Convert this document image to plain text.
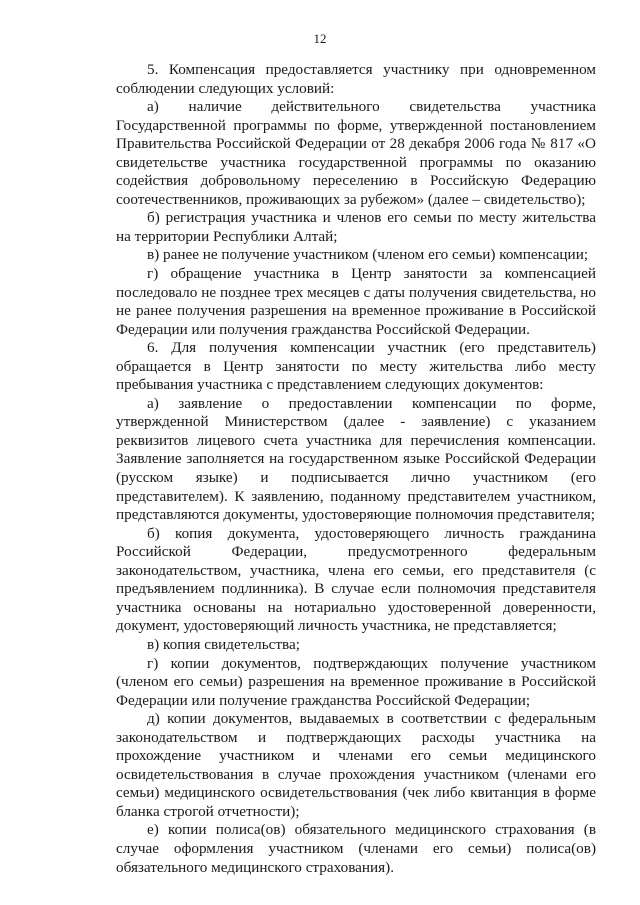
12

5. Компенсация предоставляется участнику при одновременном соблюдении следующих условий:

а) наличие действительного свидетельства участника Государственной программы по форме, утвержденной постановлением Правительства Российской Федерации от 28 декабря 2006 года № 817 «О свидетельстве участника государственной программы по оказанию содействия добровольному переселению в Российскую Федерацию соотечественников, проживающих за рубежом» (далее – свидетельство);

б) регистрация участника и членов его семьи по месту жительства на территории Республики Алтай;

в) ранее не получение участником (членом его семьи) компенсации;

г) обращение участника в Центр занятости за компенсацией последовало не позднее трех месяцев с даты получения свидетельства, но не ранее получения разрешения на временное проживание в Российской Федерации или получения гражданства Российской Федерации.

6. Для получения компенсации участник (его представитель) обращается в Центр занятости по месту жительства либо месту пребывания участника с представлением следующих документов:

а) заявление о предоставлении компенсации по форме, утвержденной Министерством (далее - заявление) с указанием реквизитов лицевого счета участника для перечисления компенсации. Заявление заполняется на государственном языке Российской Федерации (русском языке) и подписывается лично участником (его представителем). К заявлению, поданному представителем участником, представляются документы, удостоверяющие полномочия представителя;

б) копия документа, удостоверяющего личность гражданина Российской Федерации, предусмотренного федеральным законодательством, участника, члена его семьи, его представителя (с предъявлением подлинника). В случае если полномочия представителя участника основаны на нотариально удостоверенной доверенности, документ, удостоверяющий личность участника, не представляется;

в) копия свидетельства;

г) копии документов, подтверждающих получение участником (членом его семьи) разрешения на временное проживание в Российской Федерации или получение гражданства Российской Федерации;

д) копии документов, выдаваемых в соответствии с федеральным законодательством и подтверждающих расходы участника на прохождение участником и членами его семьи медицинского освидетельствования в случае прохождения участником (членами его семьи) медицинского освидетельствования (чек либо квитанция в форме бланка строгой отчетности);

е) копии полиса(ов) обязательного медицинского страхования (в случае оформления участником (членами его семьи) полиса(ов) обязательного медицинского страхования).
